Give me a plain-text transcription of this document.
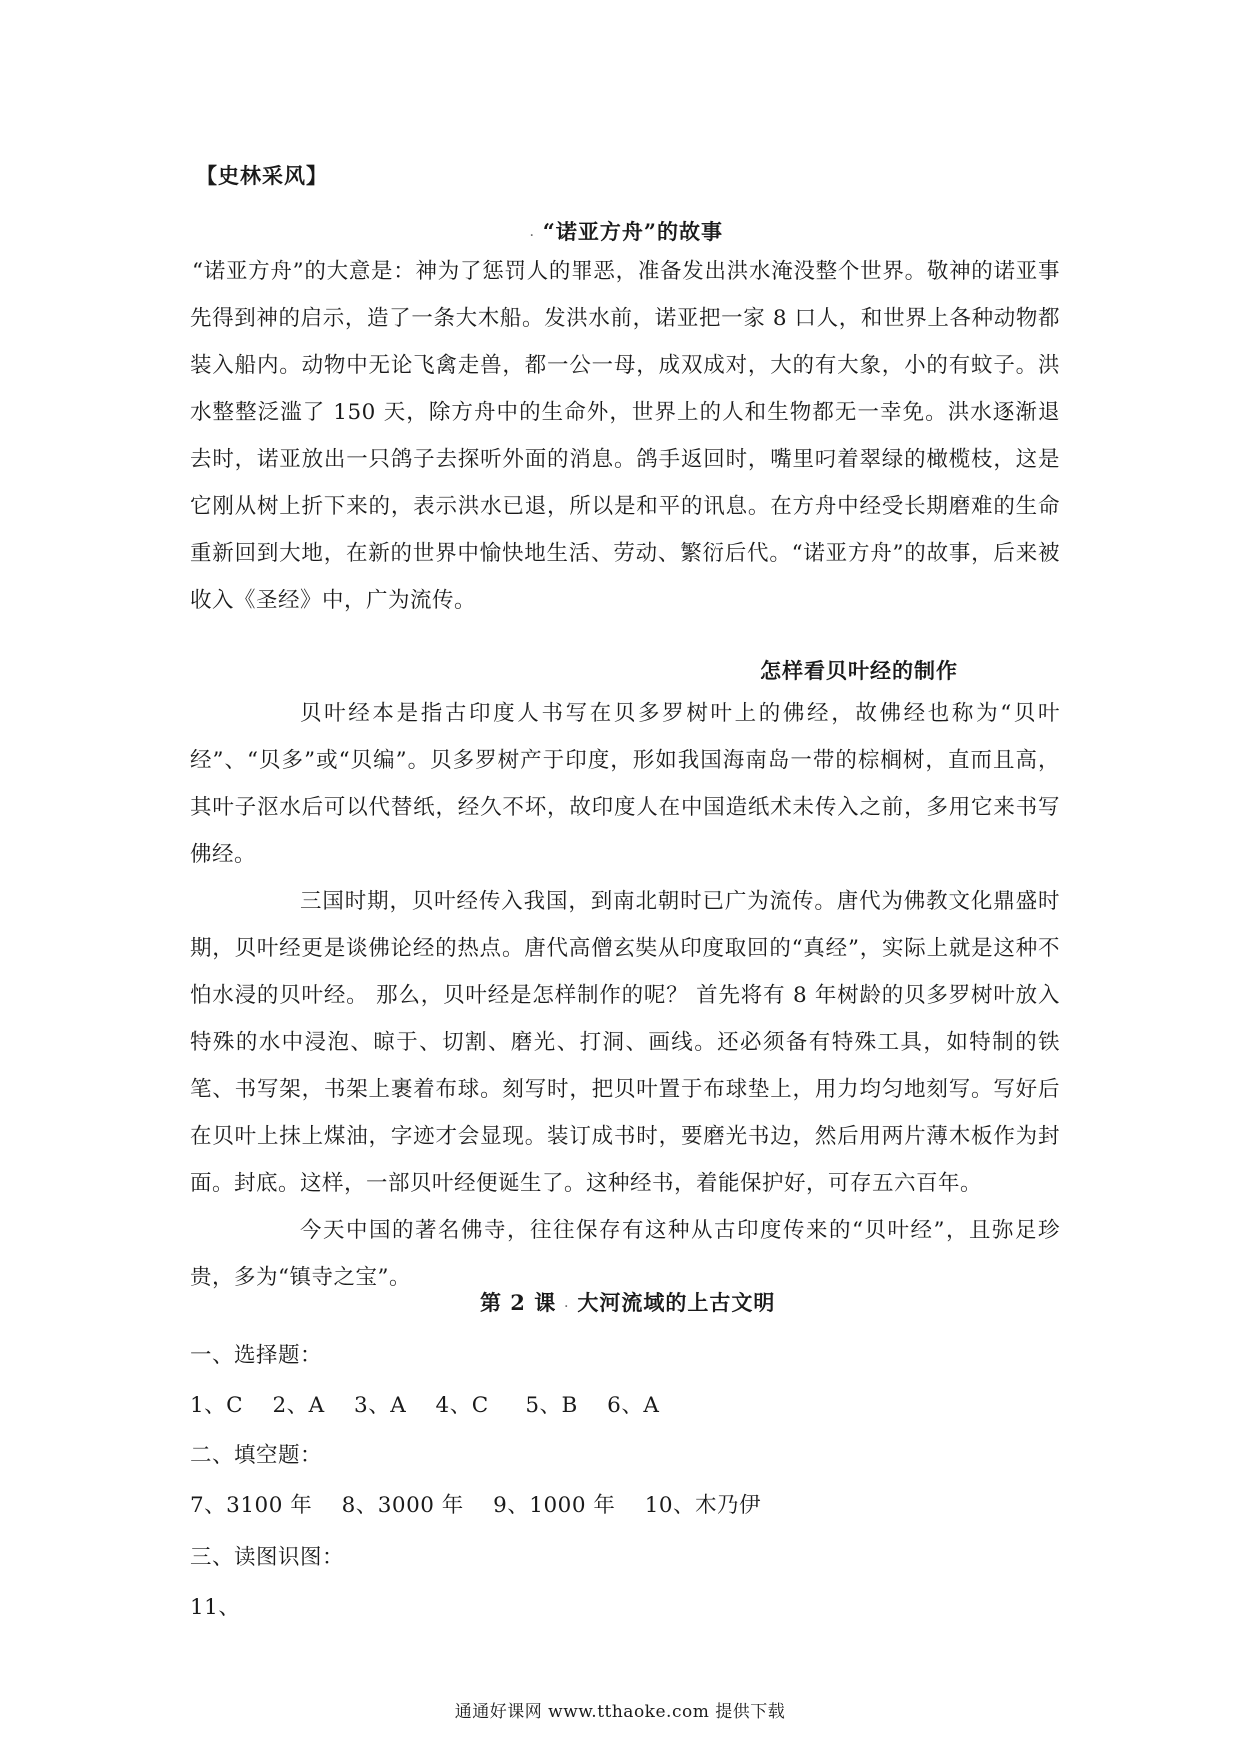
【史林采风】
. “诺亚方舟”的故事

“诺亚方舟”的大意是：神为了惩罚人的罪恶，准备发出洪水淹没整个世界。敬神的诺亚事先得到神的启示，造了一条大木船。发洪水前，诺亚把一家 8 口人，和世界上各种动物都装入船内。动物中无论飞禽走兽，都一公一母，成双成对，大的有大象，小的有蚊子。洪水整整泛滥了 150 天，除方舟中的生命外，世界上的人和生物都无一幸免。洪水逐渐退去时，诺亚放出一只鸽子去探听外面的消息。鸽手返回时，嘴里叼着翠绿的橄榄枝，这是它刚从树上折下来的，表示洪水已退，所以是和平的讯息。在方舟中经受长期磨难的生命重新回到大地，在新的世界中愉快地生活、劳动、繁衍后代。“诺亚方舟”的故事，后来被收入《圣经》中，广为流传。

怎样看贝叶经的制作

贝叶经本是指古印度人书写在贝多罗树叶上的佛经，故佛经也称为“贝叶经”、“贝多”或“贝编”。贝多罗树产于印度，形如我国海南岛一带的棕榈树，直而且高，其叶子沤水后可以代替纸，经久不坏，故印度人在中国造纸术未传入之前，多用它来书写佛经。

三国时期，贝叶经传入我国，到南北朝时已广为流传。唐代为佛教文化鼎盛时期，贝叶经更是谈佛论经的热点。唐代高僧玄奘从印度取回的“真经”，实际上就是这种不怕水浸的贝叶经。 那么，贝叶经是怎样制作的呢？ 首先将有 8 年树龄的贝多罗树叶放入特殊的水中浸泡、晾于、切割、磨光、打洞、画线。还必须备有特殊工具，如特制的铁笔、书写架，书架上裹着布球。刻写时，把贝叶置于布球垫上，用力均匀地刻写。写好后在贝叶上抹上煤油，字迹才会显现。装订成书时，要磨光书边，然后用两片薄木板作为封面。封底。这样，一部贝叶经便诞生了。这种经书，着能保护好，可存五六百年。

今天中国的著名佛寺，往往保存有这种从古印度传来的“贝叶经”，且弥足珍贵，多为“镇寺之宝”。

第 2 课 . 大河流域的上古文明
一、选择题：
1、C    2、A    3、A    4、C     5、B    6、A
二、填空题：
7、3100 年    8、3000 年    9、1000 年    10、木乃伊
三、读图识图：
11、
通通好课网 www.tthaoke.com 提供下载
